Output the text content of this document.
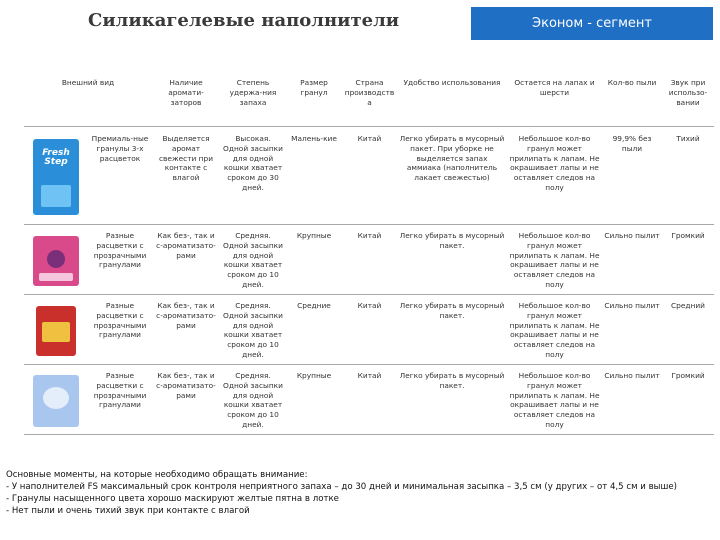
Силикагелевые наполнители	Эконом - сегмент
Внешний вид		Наличие аромати-заторов	Степень удержа-ния запаха	Размер гранул	Страна производства	Удобство использования	Остается на лапах и шерсти	Кол-во пыли	Звук при использо-вании

Fresh Step	Премиаль-ные гранулы 3-х расцветок	Выделяется аромат свежести при контакте с влагой	Высокая. Одной засыпки для одной кошки хватает сроком до 30 дней.	Малень-кие	Китай	Легко убирать в мусорный пакет. При уборке не выделяется запах аммиака (наполнитель лакает свежестью)	Небольшое кол-во гранул может прилипать к лапам. Не окрашивает лапы и не оставляет следов на полу	99,9% без пыли	Тихий

	Разные расцветки с прозрачными гранулами	Как без-, так и с-ароматизато-рами	Средняя. Одной засыпки для одной кошки хватает сроком до 10 дней.	Крупные	Китай	Легко убирать в мусорный пакет.	Небольшое кол-во гранул может прилипать к лапам. Не окрашивает лапы и не оставляет следов на полу	Сильно пылит	Громкий

	Разные расцветки с прозрачными гранулами	Как без-, так и с-ароматизато-рами	Средняя. Одной засыпки для одной кошки хватает сроком до 10 дней.	Средние	Китай	Легко убирать в мусорный пакет.	Небольшое кол-во гранул может прилипать к лапам. Не окрашивает лапы и не оставляет следов на полу	Сильно пылит	Средний

	Разные расцветки с прозрачными гранулами	Как без-, так и с-ароматизато-рами	Средняя. Одной засыпки для одной кошки хватает сроком до 10 дней.	Крупные	Китай	Легко убирать в мусорный пакет.	Небольшое кол-во гранул может прилипать к лапам. Не окрашивает лапы и не оставляет следов на полу	Сильно пылит	Громкий
Основные моменты, на которые необходимо обращать внимание:
- У наполнителей FS максимальный срок контроля неприятного запаха – до 30 дней и минимальная засыпка – 3,5 см (у других – от 4,5 см и выше)
- Гранулы насыщенного цвета хорошо маскируют желтые пятна в лотке
- Нет пыли и очень тихий звук при контакте с влагой
